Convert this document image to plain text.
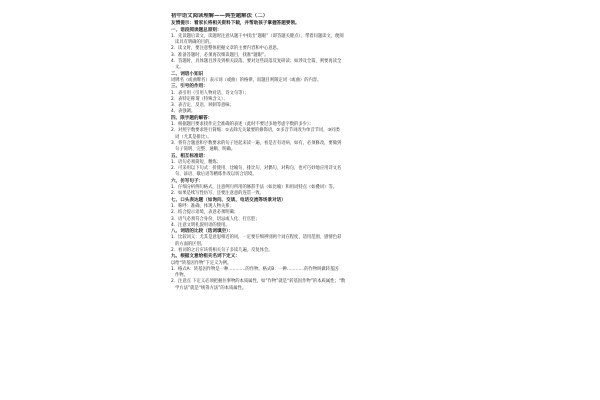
初中语文阅读理解——典型题解法（二）
友情提示：看家长将相关资料下载，并帮助孩子掌握答题要领。
一、语段阅读题总原则：
1．先读题后读文，读题时注意从题干中找出“题眼”（即答题关键点），带着问题读文，便阅
读具有明确的目的。
2．读文时，要注意整体把握文章的主要内容和中心意思。
3．准备答题时，必须再次细读题目，找准“题眼”。
4．答题时，具体题目涉及到相关段落，要对这些段落反复研读；如涉及全篇，则要再读全
文。
二、词语小知识
词牌名（或曲牌名）表示词（或曲）的格律，而题目则限定词（或曲）的内容。
三、引号的作用：
1．表引用（引用人物对话、诗文句等）；
2．表特定称谓（特殊含义）；
3．表否定、反语、讽刺等意味；
4．表强调。
四、限字题的解答：
1．根据题目要求找作完全准确的表述（此时不要过多地考虑字数的多少）；
2．对照字数要求进行简缩：①去除无关紧要的修饰语，②多音节词改为单音节词，③同类
词（尤其是排比）。
3．将符合题意和字数要求的句子进起来读一遍，看是否有语病，如有，必须修改，要做到
句子简明、完整、通顺、明确。
五、相互标准语：
1．语句必须简短、精炼；
2．可采用以下句式：折使用、比喻句、排比句、对偶句、对称句，也可巧妙地应用诗文名
句、谚语、歇后语等精炼作改以切合语境。
六、仿写句子：
1．仔细分析例句格式，注意例句所用的修辞手法（如比喻）和用词特点（如叠词）等。
2．如果是续写性仿写，还要注意意的连贯一致。
七、口头表达题（如询问、交谈、电话交流等场景对话）
1．称呼：准确、体现人物关系；
2．结合提示语境，表意必须明确；
3．语气必须符合身份，切忌或人化、打官腔；
4．注意文明礼貌用语的使用。
八、词语的比较（选词填空）：
1．比较词义：尤其是意思相近的词，一定要仔细辨别两个词在程度、适用范围、感情色彩
的方面的区别。
2．看词的之后应该将相关句子多读几遍，反复体会。
九、根据文意给相关名词下定义：
以给“转基因作物”下定义为例。
1．格式A：转基因作物是一种…………的作物。格式B：一种…………的作物叫做转基因
作物。
2．注意点 下定义必须把握住事物的本质属性，如“作物”就是“转基因作物”的本质属性；“数
学方法”就是“统筹方法”的本质属性。
